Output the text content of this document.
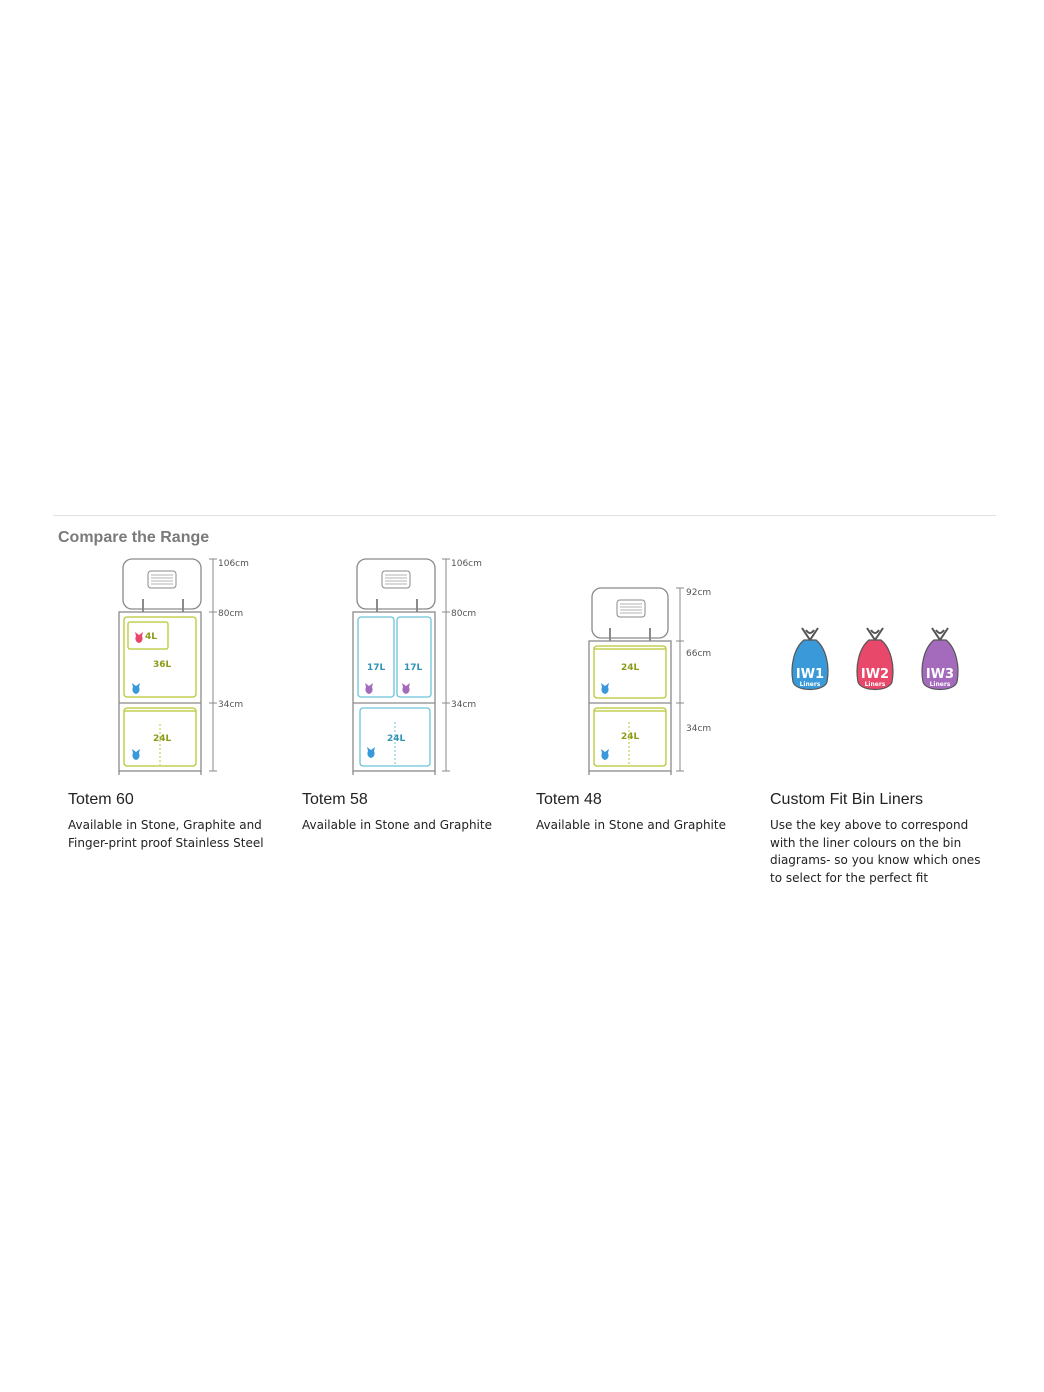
Compare the Range
4L
36L
24L
106cm
80cm
34cm
Totem 60
Available in Stone, Graphite and Finger-print proof Stainless Steel
17L 17L
24L
106cm
80cm
34cm
Totem 58
Available in Stone and Graphite
24L
24L
92cm
66cm
34cm
Totem 48
Available in Stone and Graphite
IW1
Liners
IW2
Liners
IW3
Liners
Custom Fit Bin Liners
Use the key above to correspond with the liner colours on the bin diagrams- so you know which ones to select for the perfect fit
